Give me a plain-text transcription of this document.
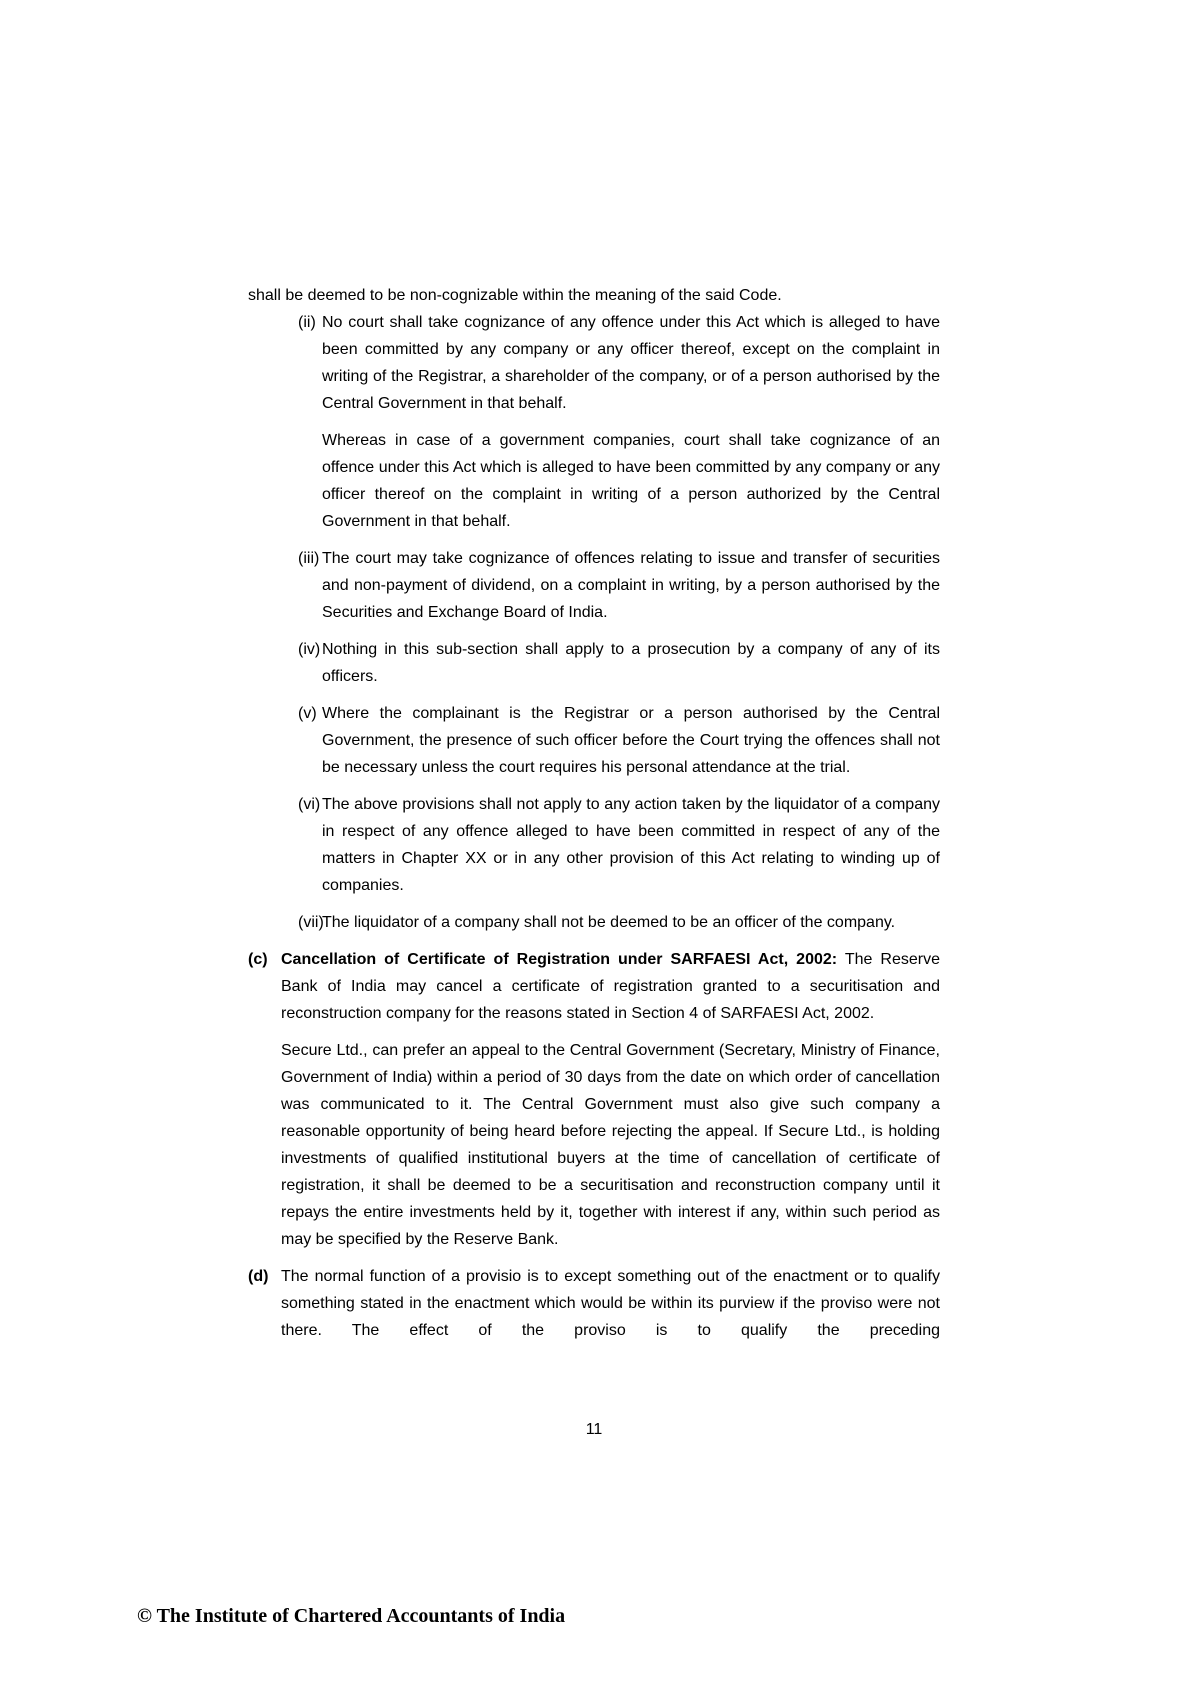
shall be deemed to be non-cognizable within the meaning of the said Code.

(ii) No court shall take cognizance of any offence under this Act which is alleged to have been committed by any company or any officer thereof, except on the complaint in writing of the Registrar, a shareholder of the company, or of a person authorised by the Central Government in that behalf.

Whereas in case of a government companies, court shall take cognizance of an offence under this Act which is alleged to have been committed by any company or any officer thereof on the complaint in writing of a person authorized by the Central Government in that behalf.

(iii) The court may take cognizance of offences relating to issue and transfer of securities and non-payment of dividend, on a complaint in writing, by a person authorised by the Securities and Exchange Board of India.

(iv) Nothing in this sub-section shall apply to a prosecution by a company of any of its officers.

(v) Where the complainant is the Registrar or a person authorised by the Central Government, the presence of such officer before the Court trying the offences shall not be necessary unless the court requires his personal attendance at the trial.

(vi) The above provisions shall not apply to any action taken by the liquidator of a company in respect of any offence alleged to have been committed in respect of any of the matters in Chapter XX or in any other provision of this Act relating to winding up of companies.

(vii)

The liquidator of a company shall not be deemed to be an officer of the company.

(c) Cancellation of Certificate of Registration under SARFAESI Act, 2002: The Reserve Bank of India may cancel a certificate of registration granted to a securitisation and reconstruction company for the reasons stated in Section 4 of SARFAESI Act, 2002.

Secure Ltd., can prefer an appeal to the Central Government (Secretary, Ministry of Finance, Government of India) within a period of 30 days from the date on which order of cancellation was communicated to it. The Central Government must also give such company a reasonable opportunity of being heard before rejecting the appeal. If Secure Ltd., is holding investments of qualified institutional buyers at the time of cancellation of certificate of registration, it shall be deemed to be a securitisation and reconstruction company until it repays the entire investments held by it, together with interest if any, within such period as may be specified by the Reserve Bank.

(d) The normal function of a provisio is to except something out of the enactment or to qualify something stated in the enactment which would be within its purview if the proviso were not there. The effect of the proviso is to qualify the preceding

11
© The Institute of Chartered Accountants of India
